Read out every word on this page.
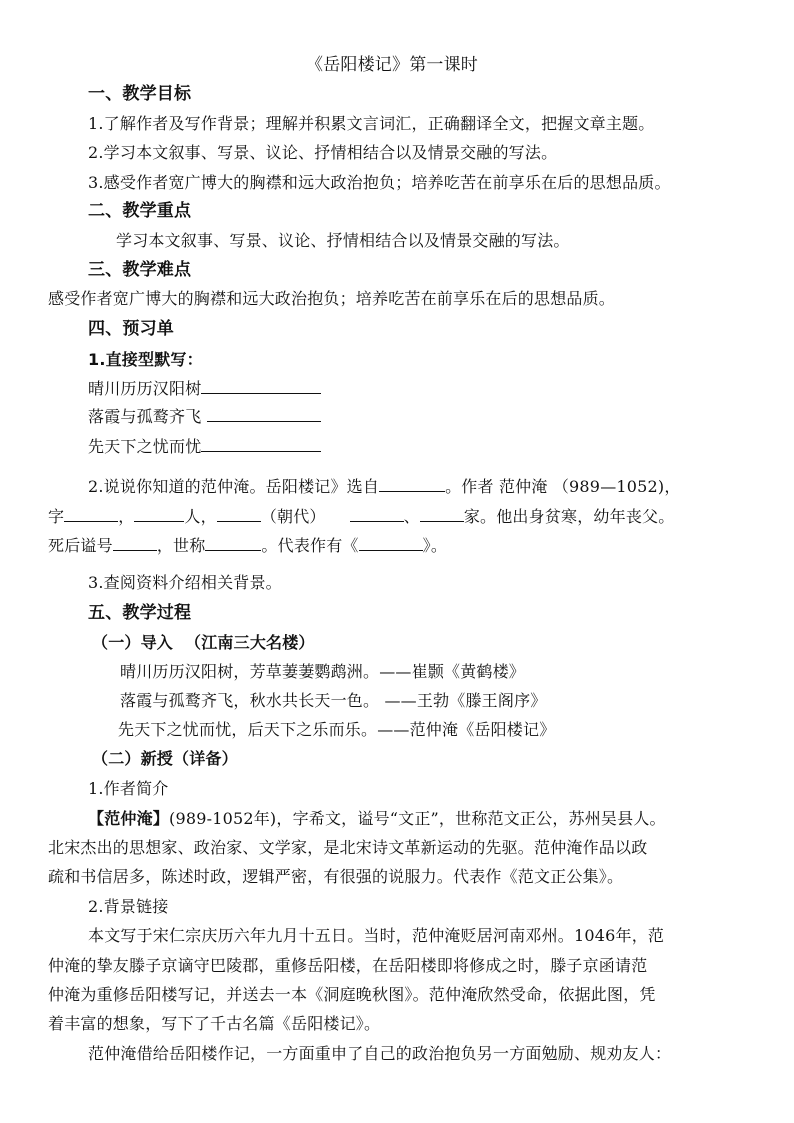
《岳阳楼记》第一课时
一、教学目标
1.了解作者及写作背景；理解并积累文言词汇，正确翻译全文，把握文章主题。
2.学习本文叙事、写景、议论、抒情相结合以及情景交融的写法。
3.感受作者宽广博大的胸襟和远大政治抱负；培养吃苦在前享乐在后的思想品质。
二、教学重点
学习本文叙事、写景、议论、抒情相结合以及情景交融的写法。
三、教学难点
感受作者宽广博大的胸襟和远大政治抱负；培养吃苦在前享乐在后的思想品质。
四、预习单
1.直接型默写：
晴川历历汉阳树
落霞与孤鹜齐飞
先天下之忧而忧
2.说说你知道的范仲淹。岳阳楼记》选自	。作者 范仲淹 （989—1052)，
字	，	人，	（朝代）	、	家。他出身贫寒，幼年丧父。
死后谥号	，世称	。代表作有《	》。
3.查阅资料介绍相关背景。
五、教学过程
（一）导入 （江南三大名楼）
晴川历历汉阳树，芳草萋萋鹦鹉洲。——崔颢《黄鹤楼》
落霞与孤鹜齐飞，秋水共长天一色。 ——王勃《滕王阁序》
先天下之忧而忧，后天下之乐而乐。——范仲淹《岳阳楼记》
（二）新授（详备）
1.作者简介
【范仲淹】(989-1052年)，字希文，谥号“文正”，世称范文正公，苏州吴县人。
北宋杰出的思想家、政治家、文学家，是北宋诗文革新运动的先驱。范仲淹作品以政
疏和书信居多，陈述时政，逻辑严密，有很强的说服力。代表作《范文正公集》。
2.背景链接
本文写于宋仁宗庆历六年九月十五日。当时，范仲淹贬居河南邓州。1046年，范
仲淹的挚友滕子京谪守巴陵郡，重修岳阳楼，在岳阳楼即将修成之时，滕子京函请范
仲淹为重修岳阳楼写记，并送去一本《洞庭晚秋图》。范仲淹欣然受命，依据此图，凭
着丰富的想象，写下了千古名篇《岳阳楼记》。
范仲淹借给岳阳楼作记，一方面重申了自己的政治抱负另一方面勉励、规劝友人：
